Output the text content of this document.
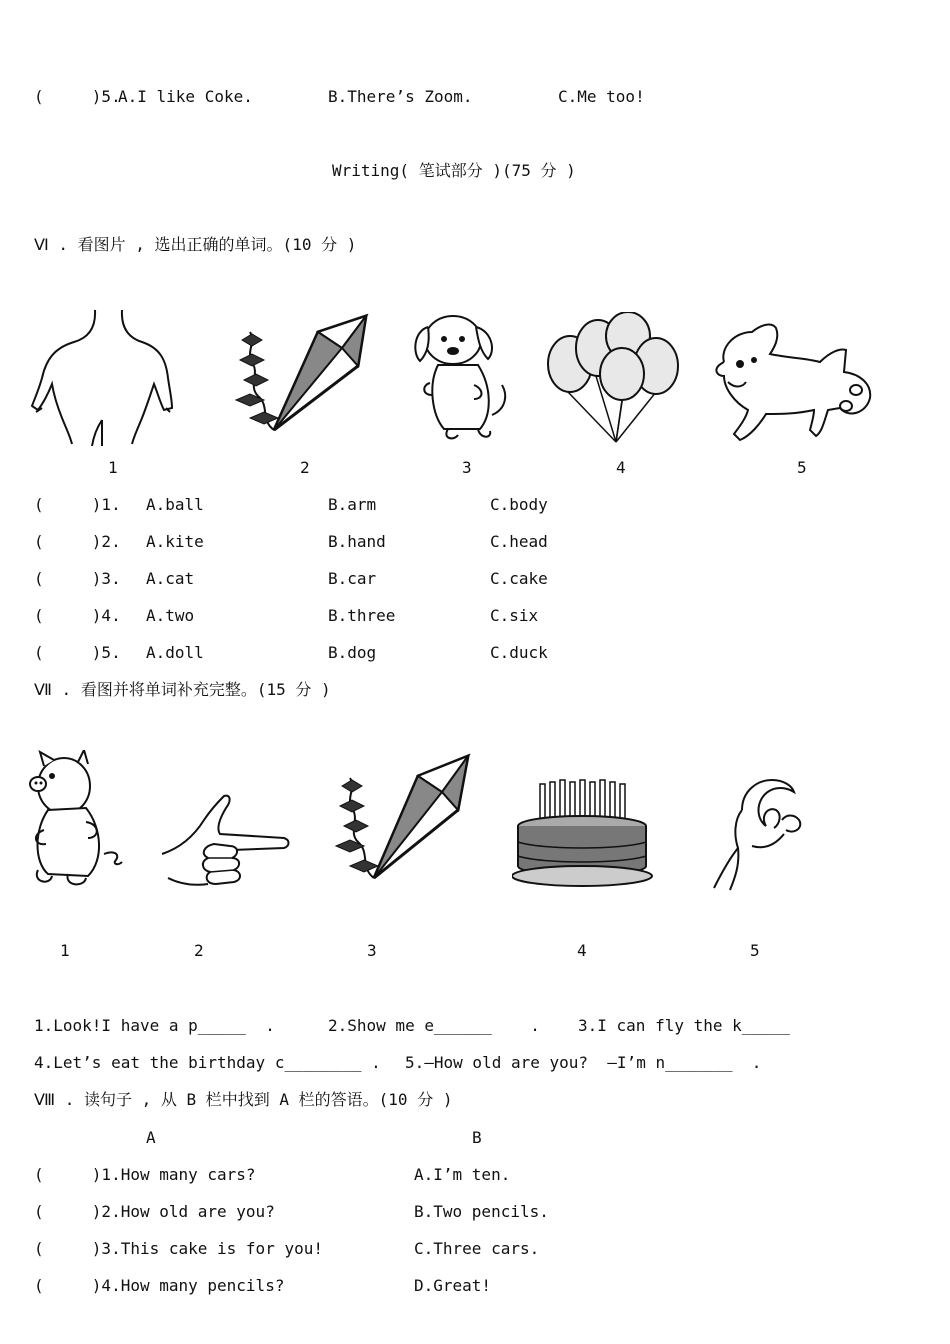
(     )5.
A.I like Coke.	B.There’s Zoom.	C.Me too!
Writing( 笔试部分 )(75 分 )
Ⅵ . 看图片 , 选出正确的单词。(10 分 )
1	2	3	4	5
(     )1. A.ball	B.arm	C.body
(     )2. A.kite	B.hand	C.head
(     )3. A.cat	B.car	C.cake
(     )4. A.two	B.three	C.six
(     )5. A.doll	B.dog	C.duck
Ⅶ . 看图并将单词补充完整。(15 分 )
1	2	3	4	5
1.Look!I have a p_____  .	2.Show me e______    . 3.I can fly the k_____
4.Let’s eat the birthday c________ . 5.—How old are you?  —I’m n_______  .
Ⅷ . 读句子 , 从 B 栏中找到 A 栏的答语。(10 分 )
A	B
(     )1.How many cars?	A.I’m ten.
(     )2.How old are you?	B.Two pencils.
(     )3.This cake is for you!	C.Three cars.
(     )4.How many pencils?	D.Great!
